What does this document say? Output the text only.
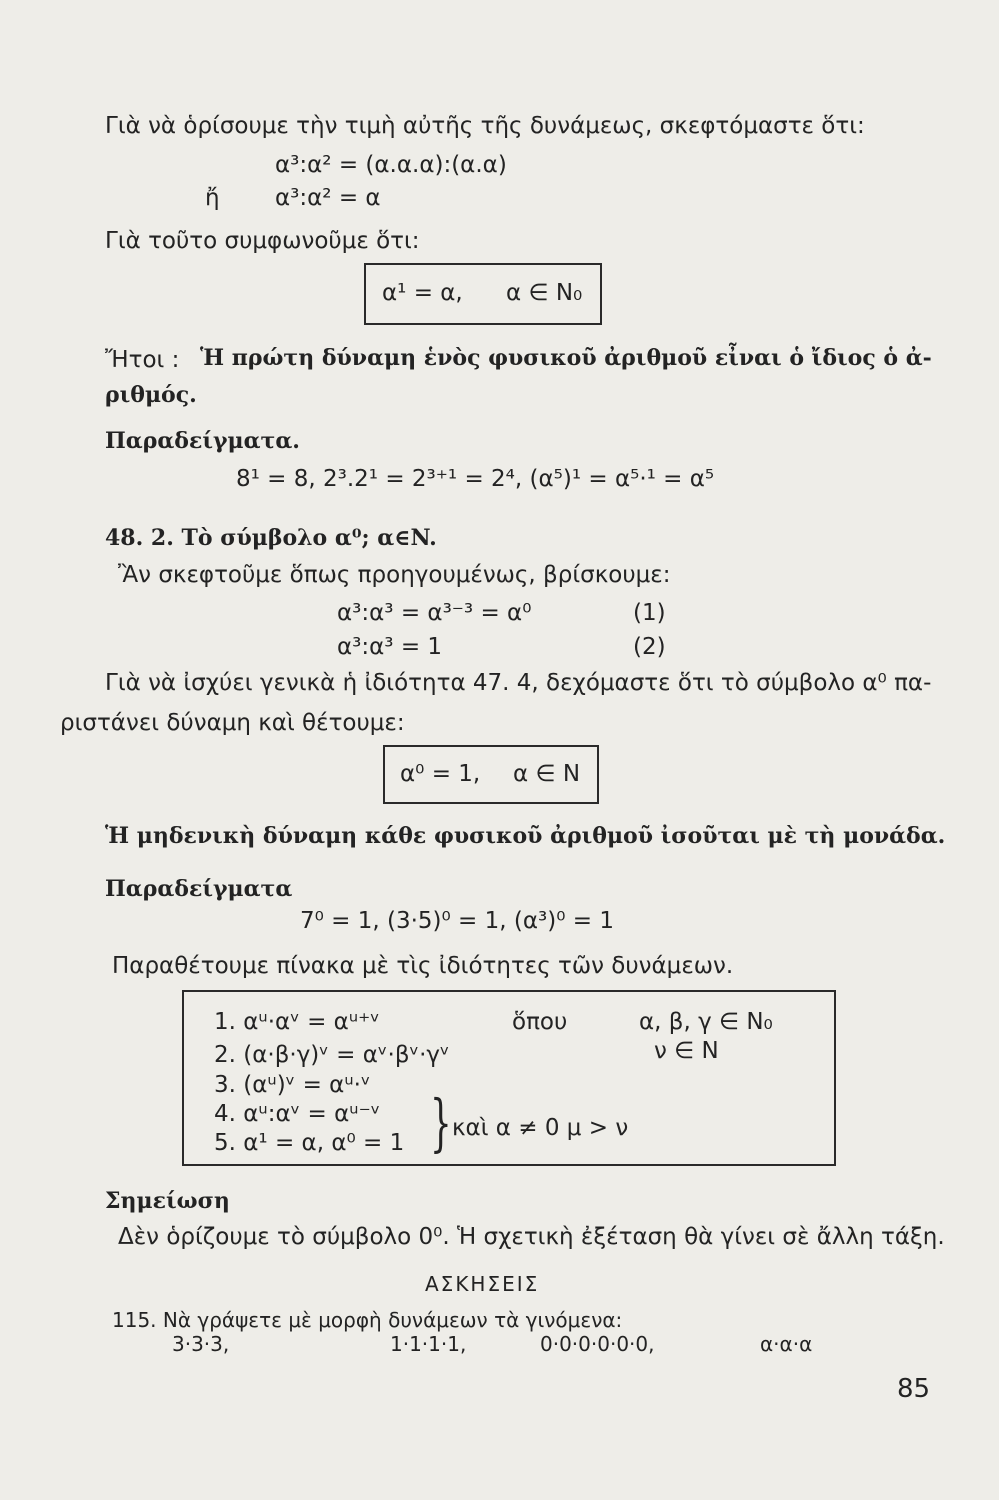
Γιὰ νὰ ὁρίσουμε τὴν τιμὴ αὐτῆς τῆς δυνάμεως, σκεφτόμαστε ὅτι:
α³:α² = (α.α.α):(α.α)
ἤ α³:α² = α
Γιὰ τοῦτο συμφωνοῦμε ὅτι:
α¹ = α, α ∈ N₀
Ἤτοι : Ἡ πρώτη δύναμη ἑνὸς φυσικοῦ ἀριθμοῦ εἶναι ὁ ἴδιος ὁ ἀ-
ριθμός.
Παραδείγματα.
8¹ = 8, 2³.2¹ = 2³⁺¹ = 2⁴, (α⁵)¹ = α⁵·¹ = α⁵
48. 2. Τὸ σύμβολο α⁰; α∈N.
Ἂν σκεφτοῦμε ὅπως προηγουμένως, βρίσκουμε:
α³:α³ = α³⁻³ = α⁰	(1)
α³:α³ = 1	(2)
Γιὰ νὰ ἰσχύει γενικὰ ἡ ἰδιότητα 47. 4, δεχόμαστε ὅτι τὸ σύμβολο α⁰ πα-
ριστάνει δύναμη καὶ θέτουμε:
α⁰ = 1, α ∈ N
Ἡ μηδενικὴ δύναμη κάθε φυσικοῦ ἀριθμοῦ ἰσοῦται μὲ τὴ μονάδα.
Παραδείγματα
7⁰ = 1, (3·5)⁰ = 1, (α³)⁰ = 1
Παραθέτουμε πίνακα μὲ τὶς ἰδιότητες τῶν δυνάμεων.
1. αᵘ·αᵛ = αᵘ⁺ᵛ
2. (α·β·γ)ᵛ = αᵛ·βᵛ·γᵛ
3. (αᵘ)ᵛ = αᵘ·ᵛ
4. αᵘ:αᵛ = αᵘ⁻ᵛ
5. α¹ = α, α⁰ = 1
ὅπου	α, β, γ ∈ N₀
ν ∈ N
} καὶ α ≠ 0 μ > ν
Σημείωση
Δὲν ὁρίζουμε τὸ σύμβολο 0⁰. Ἡ σχετικὴ ἐξέταση θὰ γίνει σὲ ἄλλη τάξη.
ΑΣΚΗΣΕΙΣ
115. Νὰ γράψετε μὲ μορφὴ δυνάμεων τὰ γινόμενα:
3·3·3,	1·1·1·1,	0·0·0·0·0·0,	α·α·α
85
